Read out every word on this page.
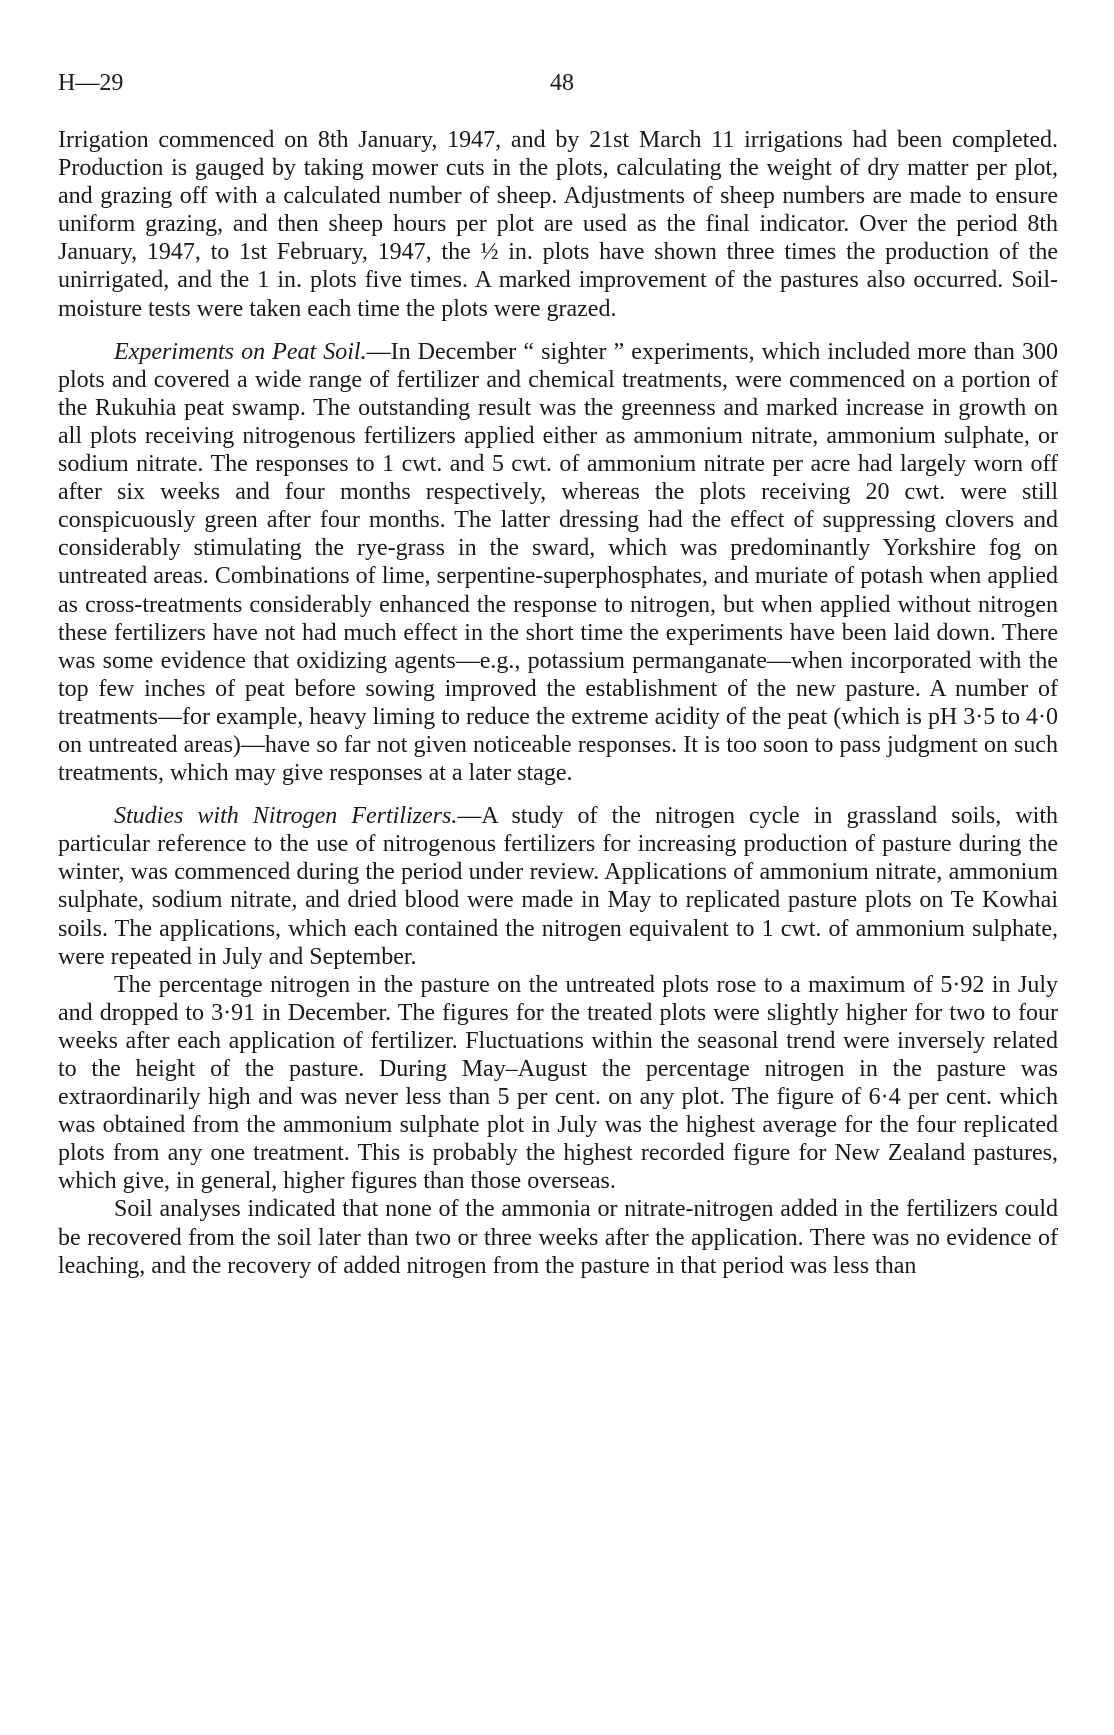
H—29	48

Irrigation commenced on 8th January, 1947, and by 21st March 11 irrigations had been completed. Production is gauged by taking mower cuts in the plots, calculating the weight of dry matter per plot, and grazing off with a calculated number of sheep. Adjustments of sheep numbers are made to ensure uniform grazing, and then sheep hours per plot are used as the final indicator. Over the period 8th January, 1947, to 1st February, 1947, the ½ in. plots have shown three times the production of the unirrigated, and the 1 in. plots five times. A marked improvement of the pastures also occurred. Soil-moisture tests were taken each time the plots were grazed.

Experiments on Peat Soil.—In December “ sighter ” experiments, which included more than 300 plots and covered a wide range of fertilizer and chemical treatments, were commenced on a portion of the Rukuhia peat swamp. The outstanding result was the greenness and marked increase in growth on all plots receiving nitrogenous fertilizers applied either as ammonium nitrate, ammonium sulphate, or sodium nitrate. The responses to 1 cwt. and 5 cwt. of ammonium nitrate per acre had largely worn off after six weeks and four months respectively, whereas the plots receiving 20 cwt. were still conspicuously green after four months. The latter dressing had the effect of suppressing clovers and considerably stimulating the rye-grass in the sward, which was predominantly Yorkshire fog on untreated areas. Combinations of lime, serpentine-superphosphates, and muriate of potash when applied as cross-treatments considerably enhanced the response to nitrogen, but when applied without nitrogen these fertilizers have not had much effect in the short time the experiments have been laid down. There was some evidence that oxidizing agents—e.g., potassium permanganate—when incorporated with the top few inches of peat before sowing improved the establishment of the new pasture. A number of treatments—for example, heavy liming to reduce the extreme acidity of the peat (which is pH 3·5 to 4·0 on untreated areas)—have so far not given noticeable responses. It is too soon to pass judgment on such treatments, which may give responses at a later stage.

Studies with Nitrogen Fertilizers.—A study of the nitrogen cycle in grassland soils, with particular reference to the use of nitrogenous fertilizers for increasing production of pasture during the winter, was commenced during the period under review. Applications of ammonium nitrate, ammonium sulphate, sodium nitrate, and dried blood were made in May to replicated pasture plots on Te Kowhai soils. The applications, which each contained the nitrogen equivalent to 1 cwt. of ammonium sulphate, were repeated in July and September.

The percentage nitrogen in the pasture on the untreated plots rose to a maximum of 5·92 in July and dropped to 3·91 in December. The figures for the treated plots were slightly higher for two to four weeks after each application of fertilizer. Fluctuations within the seasonal trend were inversely related to the height of the pasture. During May–August the percentage nitrogen in the pasture was extraordinarily high and was never less than 5 per cent. on any plot. The figure of 6·4 per cent. which was obtained from the ammonium sulphate plot in July was the highest average for the four replicated plots from any one treatment. This is probably the highest recorded figure for New Zealand pastures, which give, in general, higher figures than those overseas.

Soil analyses indicated that none of the ammonia or nitrate-nitrogen added in the fertilizers could be recovered from the soil later than two or three weeks after the application. There was no evidence of leaching, and the recovery of added nitrogen from the pasture in that period was less than
